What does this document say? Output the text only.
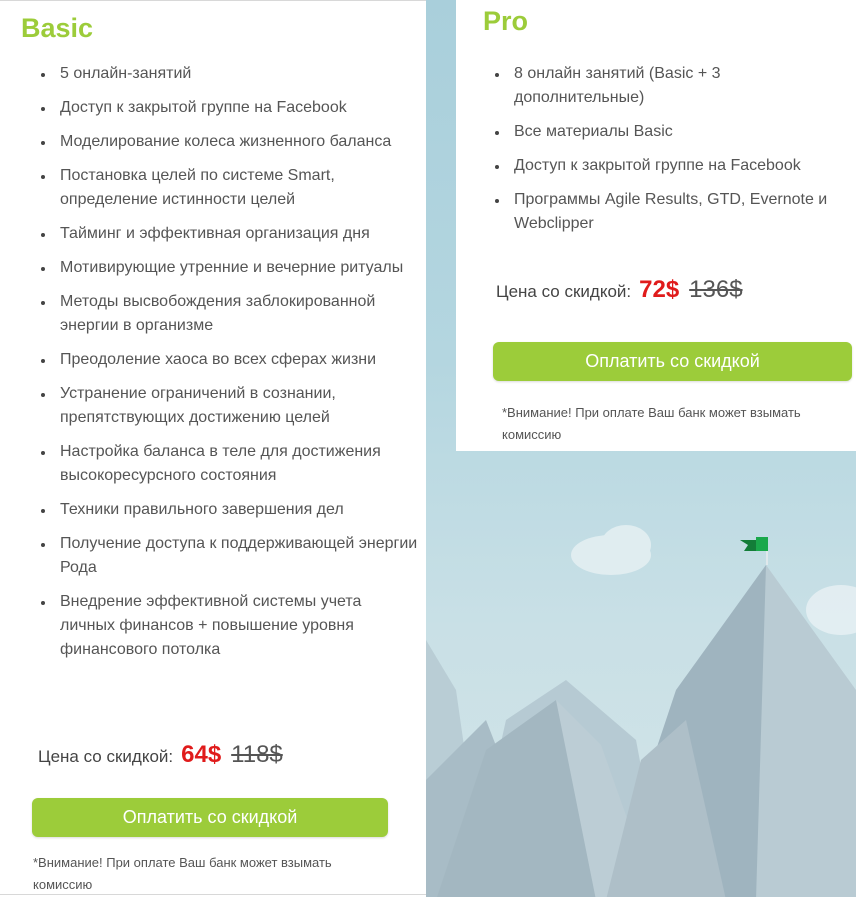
Basic
5 онлайн-занятий
Доступ к закрытой группе на Facebook
Моделирование колеса жизненного баланса
Постановка целей по системе Smart, определение истинности целей
Тайминг и эффективная организация дня
Мотивирующие утренние и вечерние ритуалы
Методы высвобождения заблокированной энергии в организме
Преодоление хаоса во всех сферах жизни
Устранение ограничений в сознании, препятствующих достижению целей
Настройка баланса в теле для достижения высокоресурсного состояния
Техники правильного завершения дел
Получение доступа к поддерживающей энергии Рода
Внедрение эффективной системы учета личных финансов + повышение уровня финансового потолка
Цена со скидкой: 64$ 118$
Оплатить со скидкой
*Внимание! При оплате Ваш банк может взымать комиссию
Pro
8 онлайн занятий (Basic + 3 дополнительные)
Все материалы Basic
Доступ к закрытой группе на Facebook
Программы Agile Results, GTD, Evernote и Webclipper
Цена со скидкой: 72$ 136$
Оплатить со скидкой
*Внимание! При оплате Ваш банк может взымать комиссию
